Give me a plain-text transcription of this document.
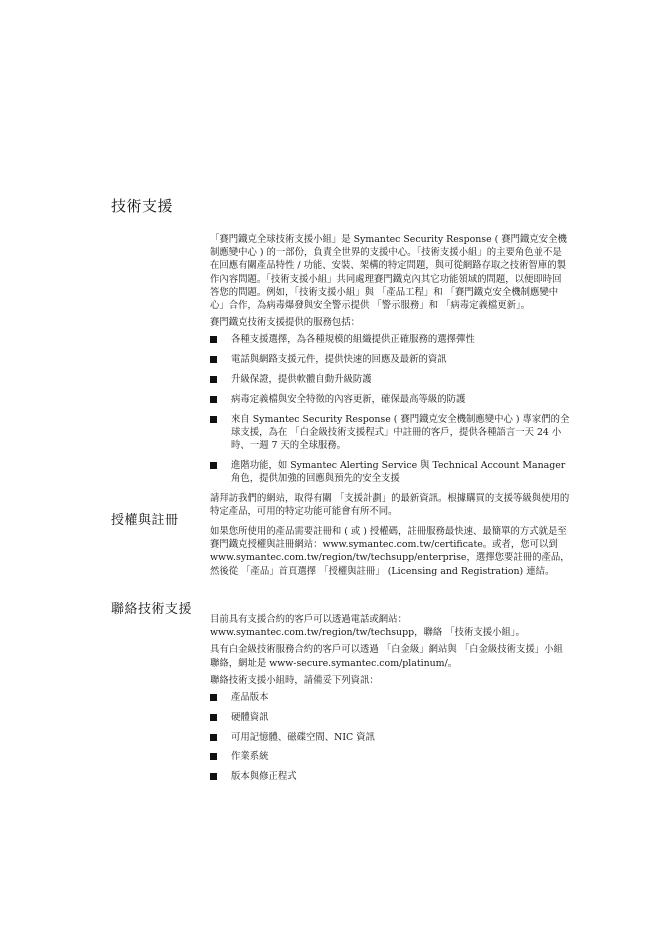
技術支援

「賽門鐵克全球技術支援小組」是 Symantec Security Response ( 賽門鐵克安全機制應變中心 ) 的一部份，負責全世界的支援中心。「技術支援小組」的主要角色並不是在回應有關產品特性 / 功能、安裝、架構的特定問題，與可從網路存取之技術智庫的製作內容問題。「技術支援小組」共同處理賽門鐵克內其它功能領域的問題，以便即時回答您的問題。例如，「技術支援小組」與 「產品工程」和 「賽門鐵克安全機制應變中心」合作，為病毒爆發與安全警示提供 「警示服務」和 「病毒定義檔更新」。

賽門鐵克技術支援提供的服務包括：

各種支援選擇，為各種規模的組織提供正確服務的選擇彈性
電話與網路支援元件，提供快速的回應及最新的資訊
升級保證，提供軟體自動升級防護
病毒定義檔與安全特徵的內容更新，確保最高等級的防護
來自 Symantec Security Response ( 賽門鐵克安全機制應變中心 ) 專家們的全球支援，為在 「白金級技術支援程式」中註冊的客戶，提供各種語言一天 24 小時、一週 7 天的全球服務。
進階功能，如 Symantec Alerting Service 與 Technical Account Manager 角色，提供加強的回應與預先的安全支援

請拜訪我們的網站，取得有關 「支援計劃」的最新資訊。根據購買的支援等級與使用的特定產品，可用的特定功能可能會有所不同。

授權與註冊

如果您所使用的產品需要註冊和 ( 或 ) 授權碼，註冊服務最快速、最簡單的方式就是至賽門鐵克授權與註冊網站：www.symantec.com.tw/certificate。或者，您可以到 www.symantec.com.tw/region/tw/techsupp/enterprise，選擇您要註冊的產品，然後從 「產品」首頁選擇 「授權與註冊」 (Licensing and Registration) 連結。

聯絡技術支援

目前具有支援合約的客戶可以透過電話或網站：www.symantec.com.tw/region/tw/techsupp，聯絡 「技術支援小組」。

具有白金級技術服務合約的客戶可以透過 「白金級」網站與 「白金級技術支援」小組聯絡，網址是 www-secure.symantec.com/platinum/。

聯絡技術支援小組時，請備妥下列資訊：

產品版本
硬體資訊
可用記憶體、磁碟空間、NIC 資訊
作業系統
版本與修正程式
